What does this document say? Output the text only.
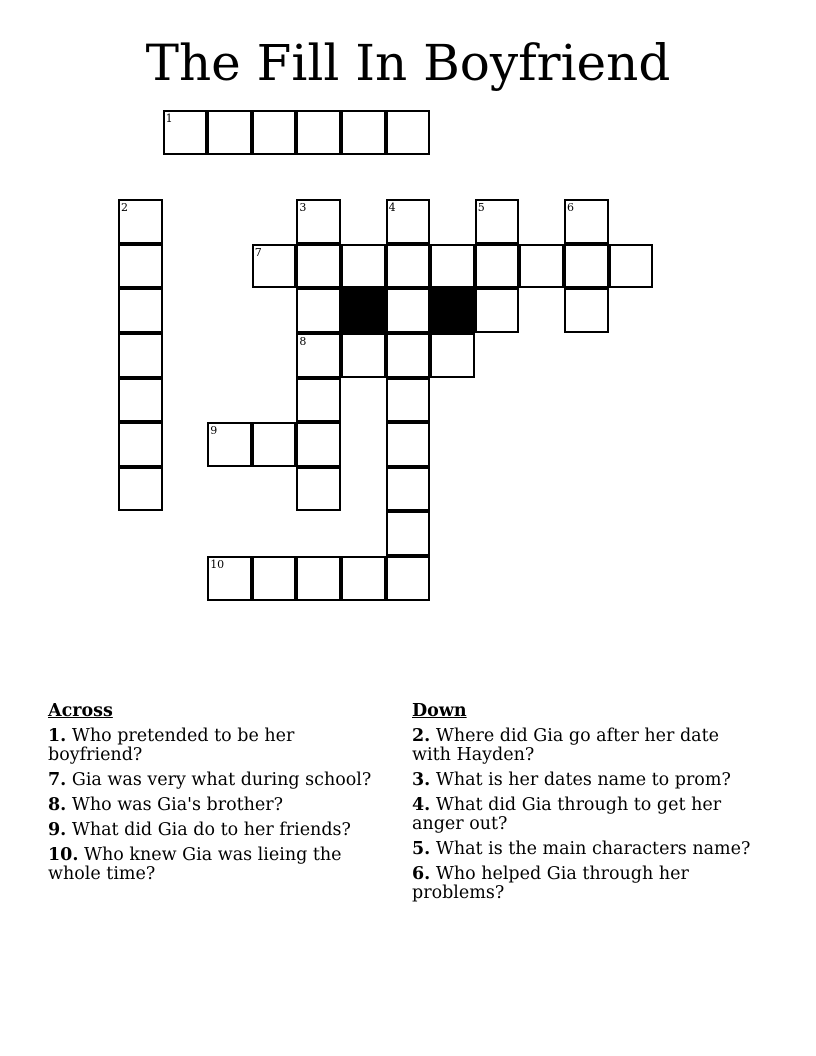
The Fill In Boyfriend
1
2	3	4	5	6
7
8
9
10
Across
1. Who pretended to be her boyfriend?
7. Gia was very what during school?
8. Who was Gia's brother?
9. What did Gia do to her friends?
10. Who knew Gia was lieing the whole time?
Down
2. Where did Gia go after her date with Hayden?
3. What is her dates name to prom?
4. What did Gia through to get her anger out?
5. What is the main characters name?
6. Who helped Gia through her problems?
